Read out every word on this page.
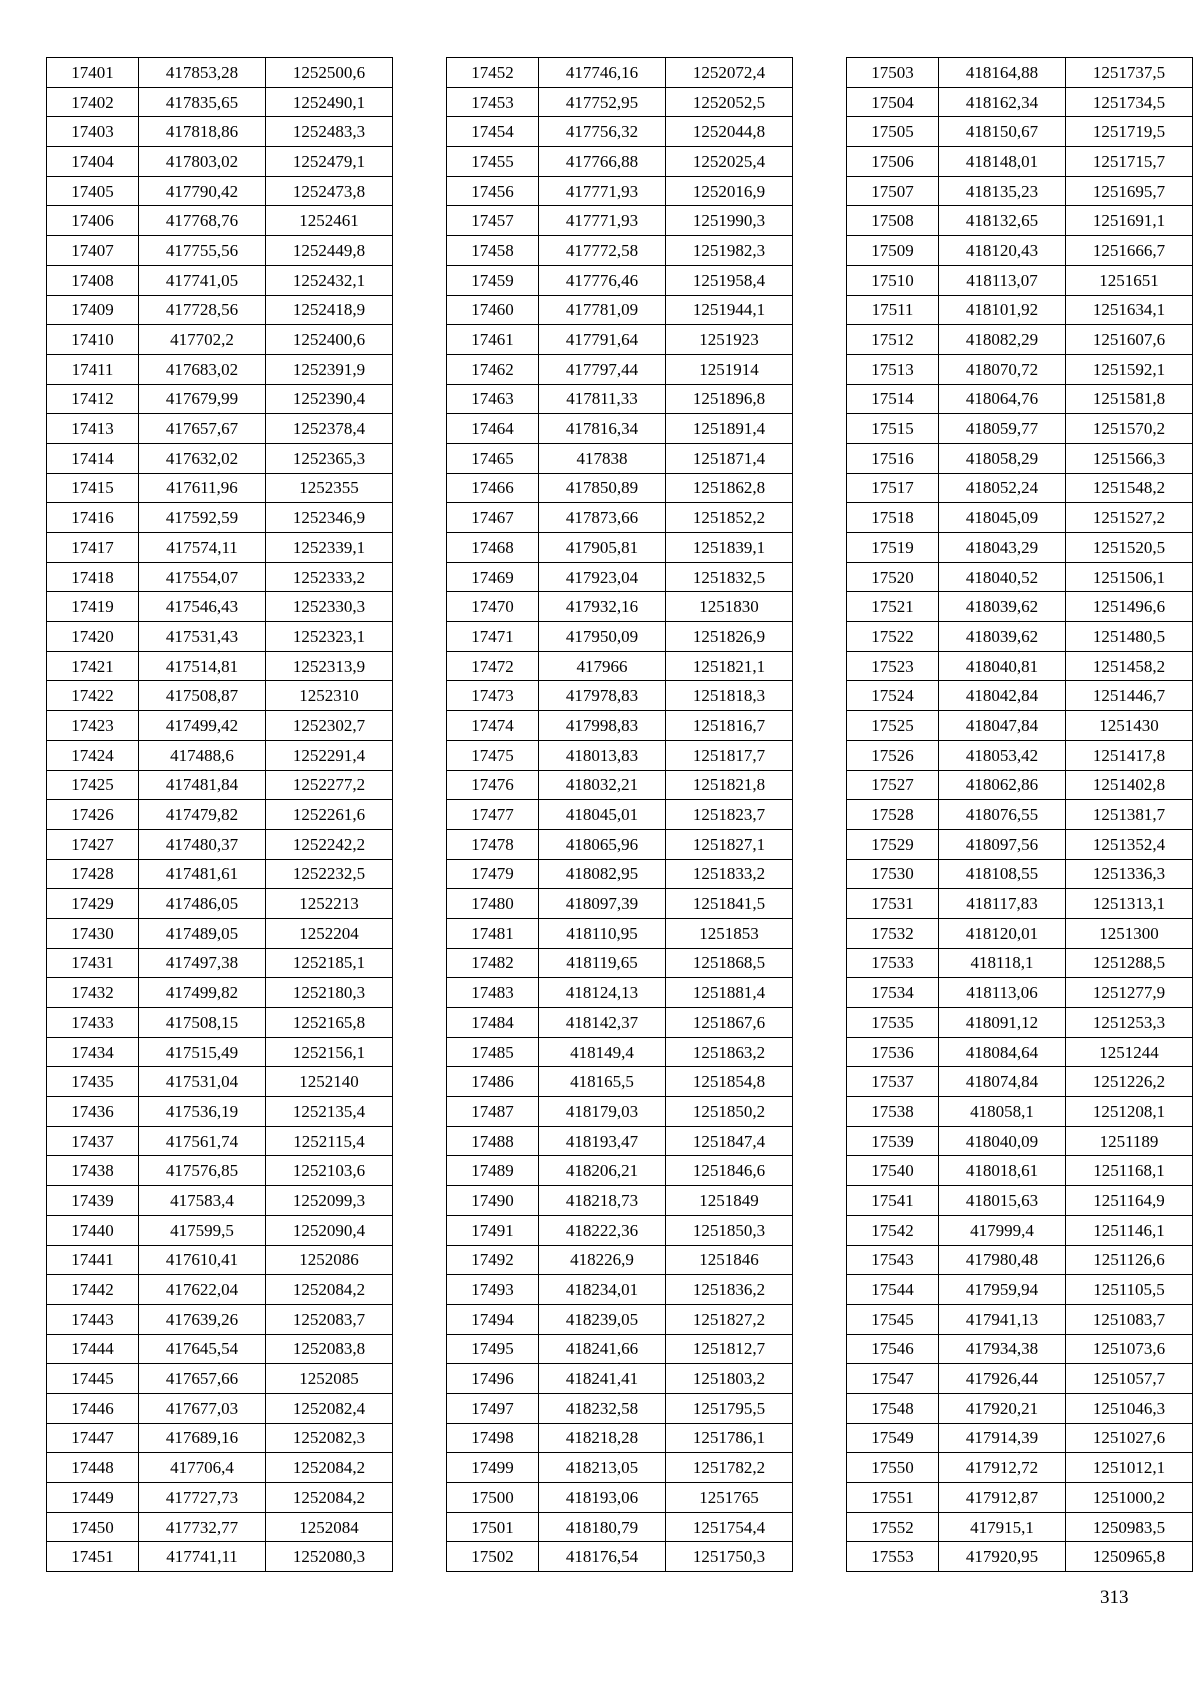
17401	417853,28	1252500,6
17402	417835,65	1252490,1
17403	417818,86	1252483,3
17404	417803,02	1252479,1
17405	417790,42	1252473,8
17406	417768,76	1252461
17407	417755,56	1252449,8
17408	417741,05	1252432,1
17409	417728,56	1252418,9
17410	417702,2	1252400,6
17411	417683,02	1252391,9
17412	417679,99	1252390,4
17413	417657,67	1252378,4
17414	417632,02	1252365,3
17415	417611,96	1252355
17416	417592,59	1252346,9
17417	417574,11	1252339,1
17418	417554,07	1252333,2
17419	417546,43	1252330,3
17420	417531,43	1252323,1
17421	417514,81	1252313,9
17422	417508,87	1252310
17423	417499,42	1252302,7
17424	417488,6	1252291,4
17425	417481,84	1252277,2
17426	417479,82	1252261,6
17427	417480,37	1252242,2
17428	417481,61	1252232,5
17429	417486,05	1252213
17430	417489,05	1252204
17431	417497,38	1252185,1
17432	417499,82	1252180,3
17433	417508,15	1252165,8
17434	417515,49	1252156,1
17435	417531,04	1252140
17436	417536,19	1252135,4
17437	417561,74	1252115,4
17438	417576,85	1252103,6
17439	417583,4	1252099,3
17440	417599,5	1252090,4
17441	417610,41	1252086
17442	417622,04	1252084,2
17443	417639,26	1252083,7
17444	417645,54	1252083,8
17445	417657,66	1252085
17446	417677,03	1252082,4
17447	417689,16	1252082,3
17448	417706,4	1252084,2
17449	417727,73	1252084,2
17450	417732,77	1252084
17451	417741,11	1252080,3
17452	417746,16	1252072,4
17453	417752,95	1252052,5
17454	417756,32	1252044,8
17455	417766,88	1252025,4
17456	417771,93	1252016,9
17457	417771,93	1251990,3
17458	417772,58	1251982,3
17459	417776,46	1251958,4
17460	417781,09	1251944,1
17461	417791,64	1251923
17462	417797,44	1251914
17463	417811,33	1251896,8
17464	417816,34	1251891,4
17465	417838	1251871,4
17466	417850,89	1251862,8
17467	417873,66	1251852,2
17468	417905,81	1251839,1
17469	417923,04	1251832,5
17470	417932,16	1251830
17471	417950,09	1251826,9
17472	417966	1251821,1
17473	417978,83	1251818,3
17474	417998,83	1251816,7
17475	418013,83	1251817,7
17476	418032,21	1251821,8
17477	418045,01	1251823,7
17478	418065,96	1251827,1
17479	418082,95	1251833,2
17480	418097,39	1251841,5
17481	418110,95	1251853
17482	418119,65	1251868,5
17483	418124,13	1251881,4
17484	418142,37	1251867,6
17485	418149,4	1251863,2
17486	418165,5	1251854,8
17487	418179,03	1251850,2
17488	418193,47	1251847,4
17489	418206,21	1251846,6
17490	418218,73	1251849
17491	418222,36	1251850,3
17492	418226,9	1251846
17493	418234,01	1251836,2
17494	418239,05	1251827,2
17495	418241,66	1251812,7
17496	418241,41	1251803,2
17497	418232,58	1251795,5
17498	418218,28	1251786,1
17499	418213,05	1251782,2
17500	418193,06	1251765
17501	418180,79	1251754,4
17502	418176,54	1251750,3
17503	418164,88	1251737,5
17504	418162,34	1251734,5
17505	418150,67	1251719,5
17506	418148,01	1251715,7
17507	418135,23	1251695,7
17508	418132,65	1251691,1
17509	418120,43	1251666,7
17510	418113,07	1251651
17511	418101,92	1251634,1
17512	418082,29	1251607,6
17513	418070,72	1251592,1
17514	418064,76	1251581,8
17515	418059,77	1251570,2
17516	418058,29	1251566,3
17517	418052,24	1251548,2
17518	418045,09	1251527,2
17519	418043,29	1251520,5
17520	418040,52	1251506,1
17521	418039,62	1251496,6
17522	418039,62	1251480,5
17523	418040,81	1251458,2
17524	418042,84	1251446,7
17525	418047,84	1251430
17526	418053,42	1251417,8
17527	418062,86	1251402,8
17528	418076,55	1251381,7
17529	418097,56	1251352,4
17530	418108,55	1251336,3
17531	418117,83	1251313,1
17532	418120,01	1251300
17533	418118,1	1251288,5
17534	418113,06	1251277,9
17535	418091,12	1251253,3
17536	418084,64	1251244
17537	418074,84	1251226,2
17538	418058,1	1251208,1
17539	418040,09	1251189
17540	418018,61	1251168,1
17541	418015,63	1251164,9
17542	417999,4	1251146,1
17543	417980,48	1251126,6
17544	417959,94	1251105,5
17545	417941,13	1251083,7
17546	417934,38	1251073,6
17547	417926,44	1251057,7
17548	417920,21	1251046,3
17549	417914,39	1251027,6
17550	417912,72	1251012,1
17551	417912,87	1251000,2
17552	417915,1	1250983,5
17553	417920,95	1250965,8
313
